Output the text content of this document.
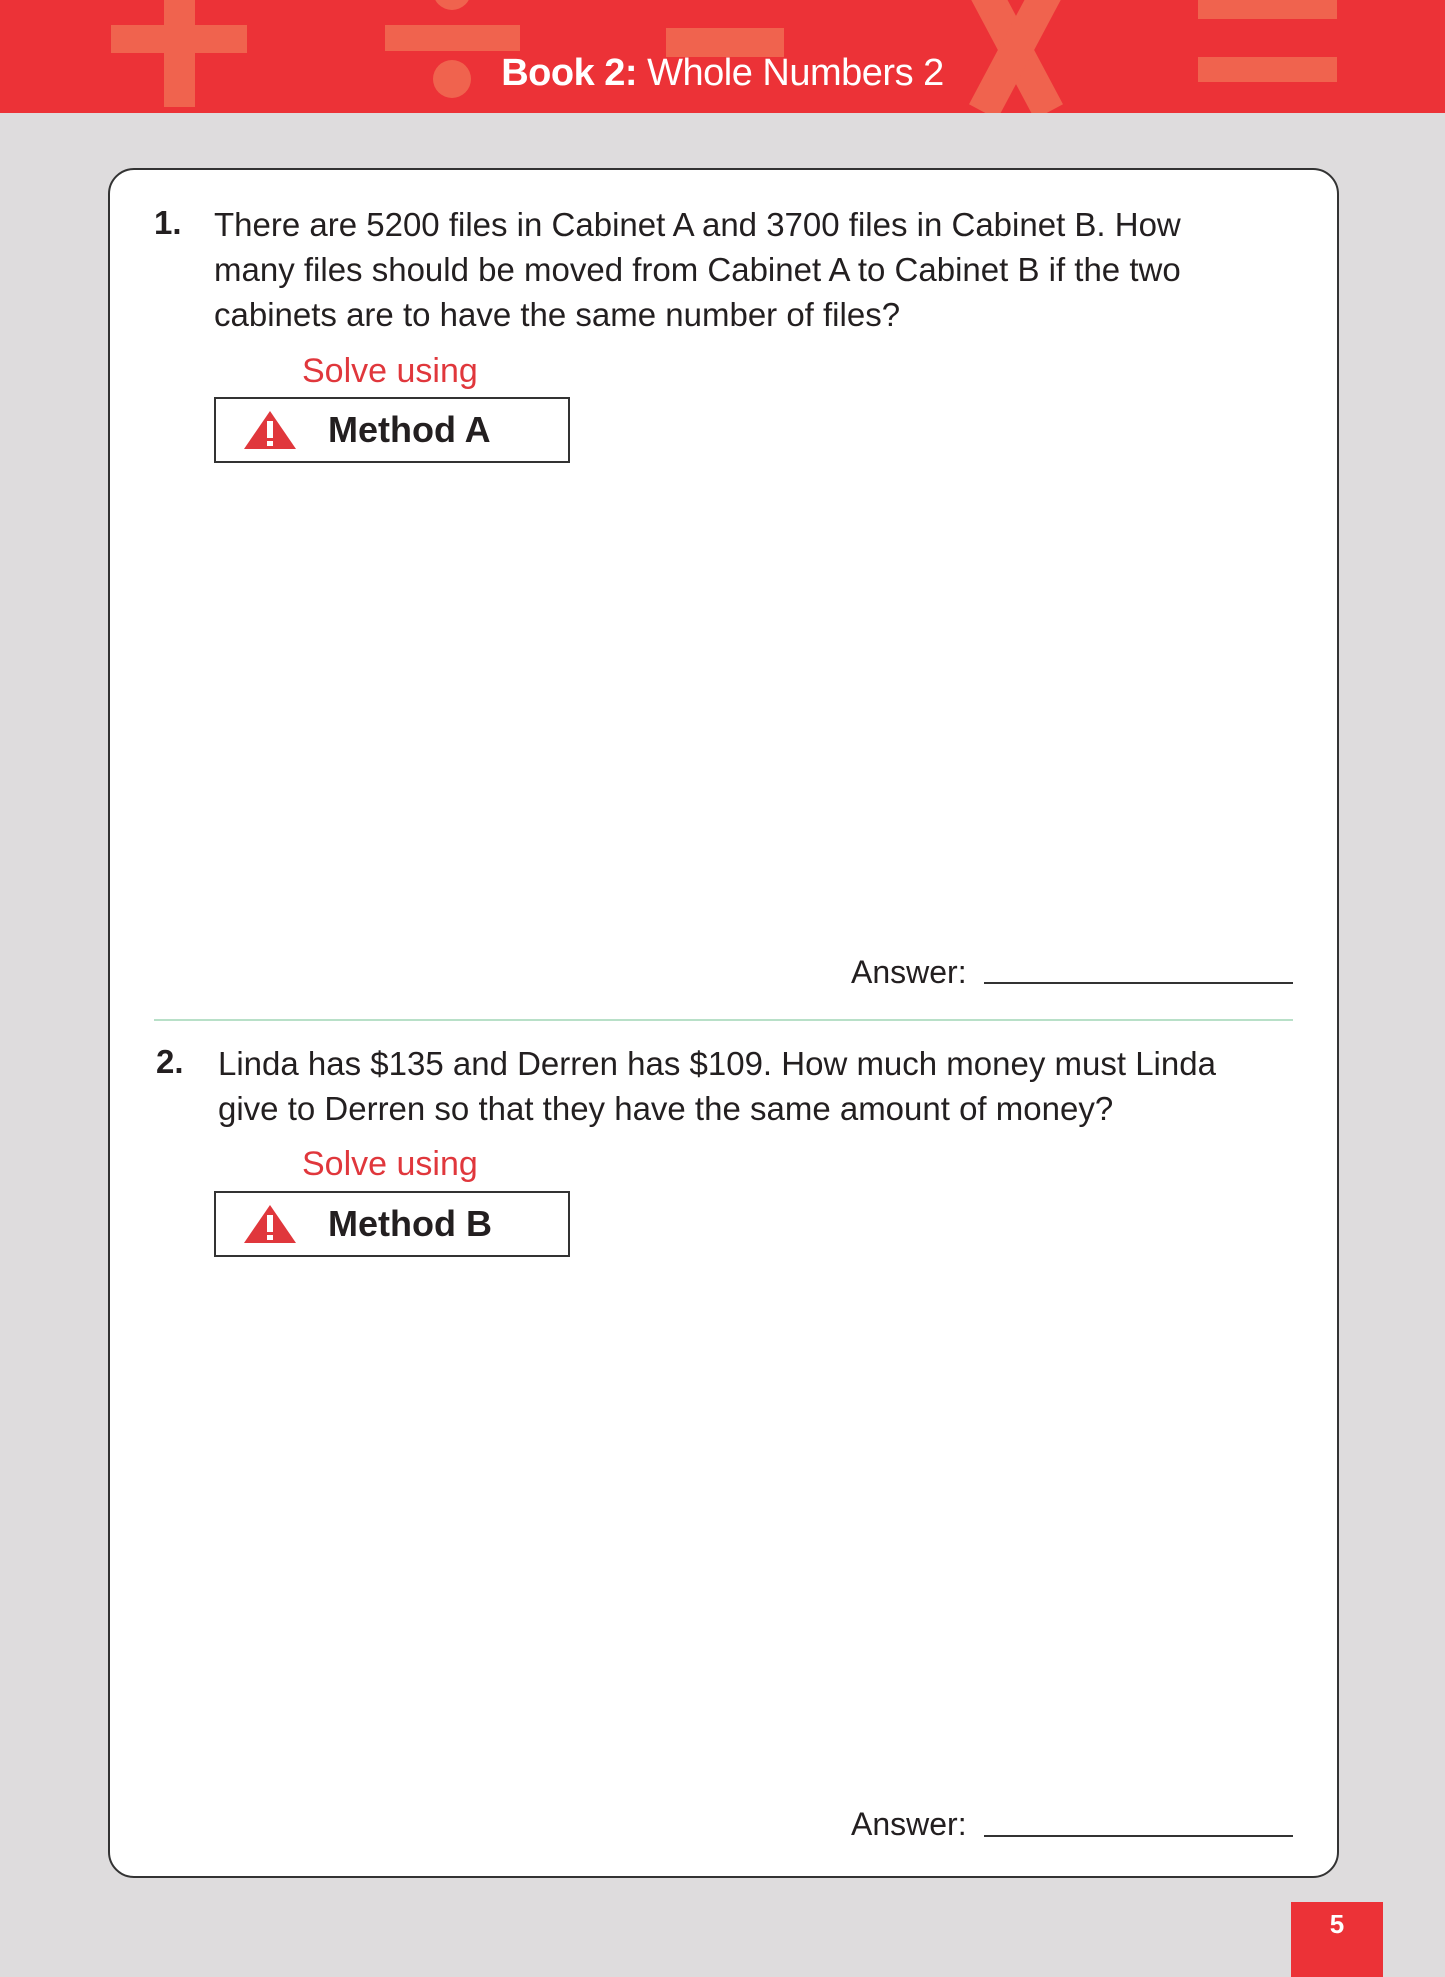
Book 2: Whole Numbers 2
1. There are 5200 files in Cabinet A and 3700 files in Cabinet B. How
many files should be moved from Cabinet A to Cabinet B if the two
cabinets are to have the same number of files?
Solve using
Method A
Answer:
2. Linda has $135 and Derren has $109. How much money must Linda
give to Derren so that they have the same amount of money?
Solve using
Method B
Answer:
5
